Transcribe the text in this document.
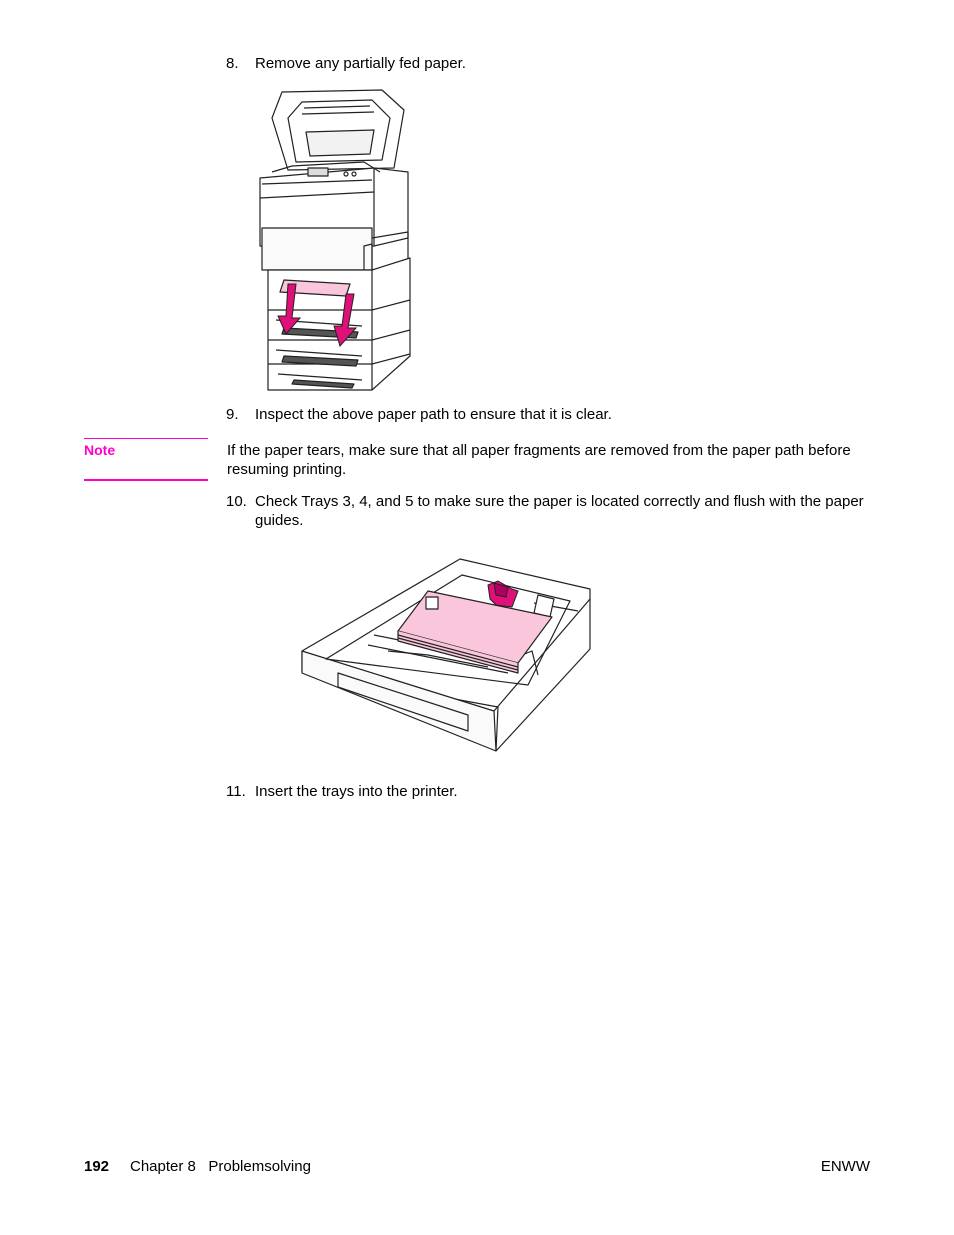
8. Remove any partially fed paper.
9. Inspect the above paper path to ensure that it is clear.
Note	If the paper tears, make sure that all paper fragments are removed from the paper path before resuming printing.
10. Check Trays 3, 4, and 5 to make sure the paper is located correctly and flush with the paper guides.
11. Insert the trays into the printer.
192 Chapter 8   Problemsolving	ENWW
